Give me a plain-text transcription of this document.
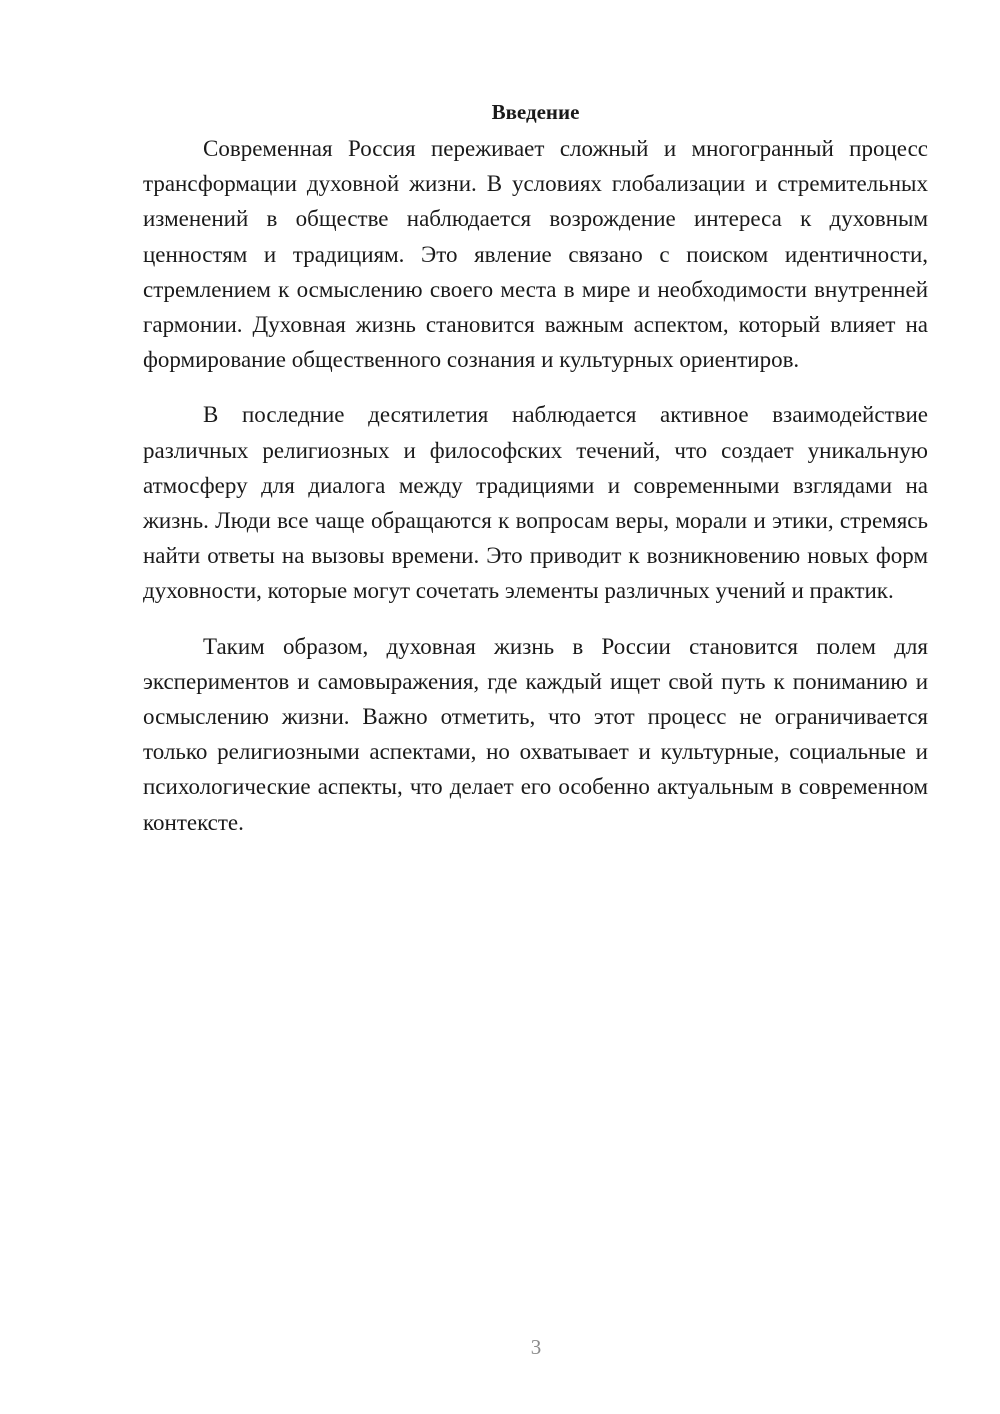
Введение

Современная Россия переживает сложный и многогранный процесс трансформации духовной жизни. В условиях глобализации и стремительных изменений в обществе наблюдается возрождение интереса к духовным ценностям и традициям. Это явление связано с поиском идентичности, стремлением к осмыслению своего места в мире и необходимости внутренней гармонии. Духовная жизнь становится важным аспектом, который влияет на формирование общественного сознания и культурных ориентиров.

В последние десятилетия наблюдается активное взаимодействие различных религиозных и философских течений, что создает уникальную атмосферу для диалога между традициями и современными взглядами на жизнь. Люди все чаще обращаются к вопросам веры, морали и этики, стремясь найти ответы на вызовы времени. Это приводит к возникновению новых форм духовности, которые могут сочетать элементы различных учений и практик.

Таким образом, духовная жизнь в России становится полем для экспериментов и самовыражения, где каждый ищет свой путь к пониманию и осмыслению жизни. Важно отметить, что этот процесс не ограничивается только религиозными аспектами, но охватывает и культурные, социальные и психологические аспекты, что делает его особенно актуальным в современном контексте.

3
